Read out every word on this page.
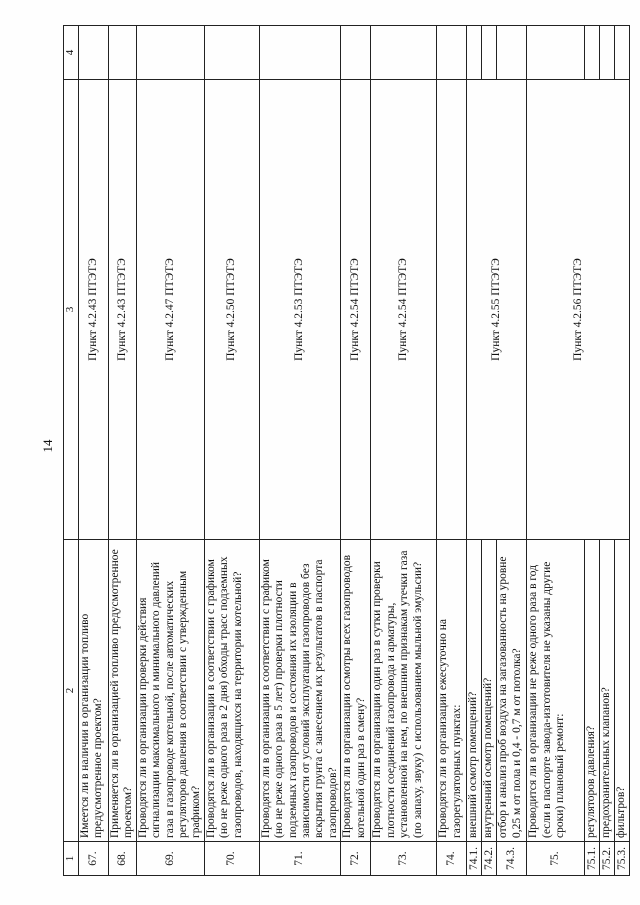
14
1	2	3	4
67.	Имеется ли в наличии в организации топливо предусмотренное проектом?	Пункт 4.2.43 ПТЭТЭ	
68.	Применяется ли в организацией топливо предусмотренное проектом?	Пункт 4.2.43 ПТЭТЭ	
69.	Проводятся ли в организации проверки действия сигнализации максимального и минимального давлений газа в газопроводе котельной, после автоматических регуляторов давления в соответствии с утвержденным графиком?	Пункт 4.2.47 ПТЭТЭ	
70.	Проводятся ли в организации в соответствии с графиком (но не реже одного раза в 2 дня) обходы трасс подземных газопроводов, находящихся на территории котельной?	Пункт 4.2.50 ПТЭТЭ	
71.	Проводятся ли в организации в соответствии с графиком (но не реже одного раза в 5 лет) проверки плотности подземных газопроводов и состояния их изоляции в зависимости от условий эксплуатации газопроводов без вскрытия грунта с занесением их результатов в паспорта газопроводов?	Пункт 4.2.53 ПТЭТЭ	
72.	Проводятся ли в организации осмотры всех газопроводов котельной один раз в смену?	Пункт 4.2.54 ПТЭТЭ	
73.	Проводятся ли в организации один раз в сутки проверки плотности соединений газопровода и арматуры, установленной на нем, по внешним признакам утечки газа (по запаху, звуку) с использованием мыльной эмульсии?	Пункт 4.2.54 ПТЭТЭ	
74.	Проводятся ли в организации ежесуточно на газорегуляторных пунктах:		
74.1.	внешний осмотр помещений?	Пункт 4.2.55 ПТЭТЭ	
74.2.	внутренний осмотр помещений?		
74.3.	отбор и анализ проб воздуха на загазованность на уровне 0,25 м от пола и 0,4 - 0,7 м от потолка?		
75.	Проводится ли в организации не реже одного раза в год (если в паспорте завода-изготовителя не указаны другие сроки) плановый ремонт:	Пункт 4.2.56 ПТЭТЭ	
75.1.	регуляторов давления?		
75.2.	предохранительных клапанов?		
75.3.	фильтров?		
